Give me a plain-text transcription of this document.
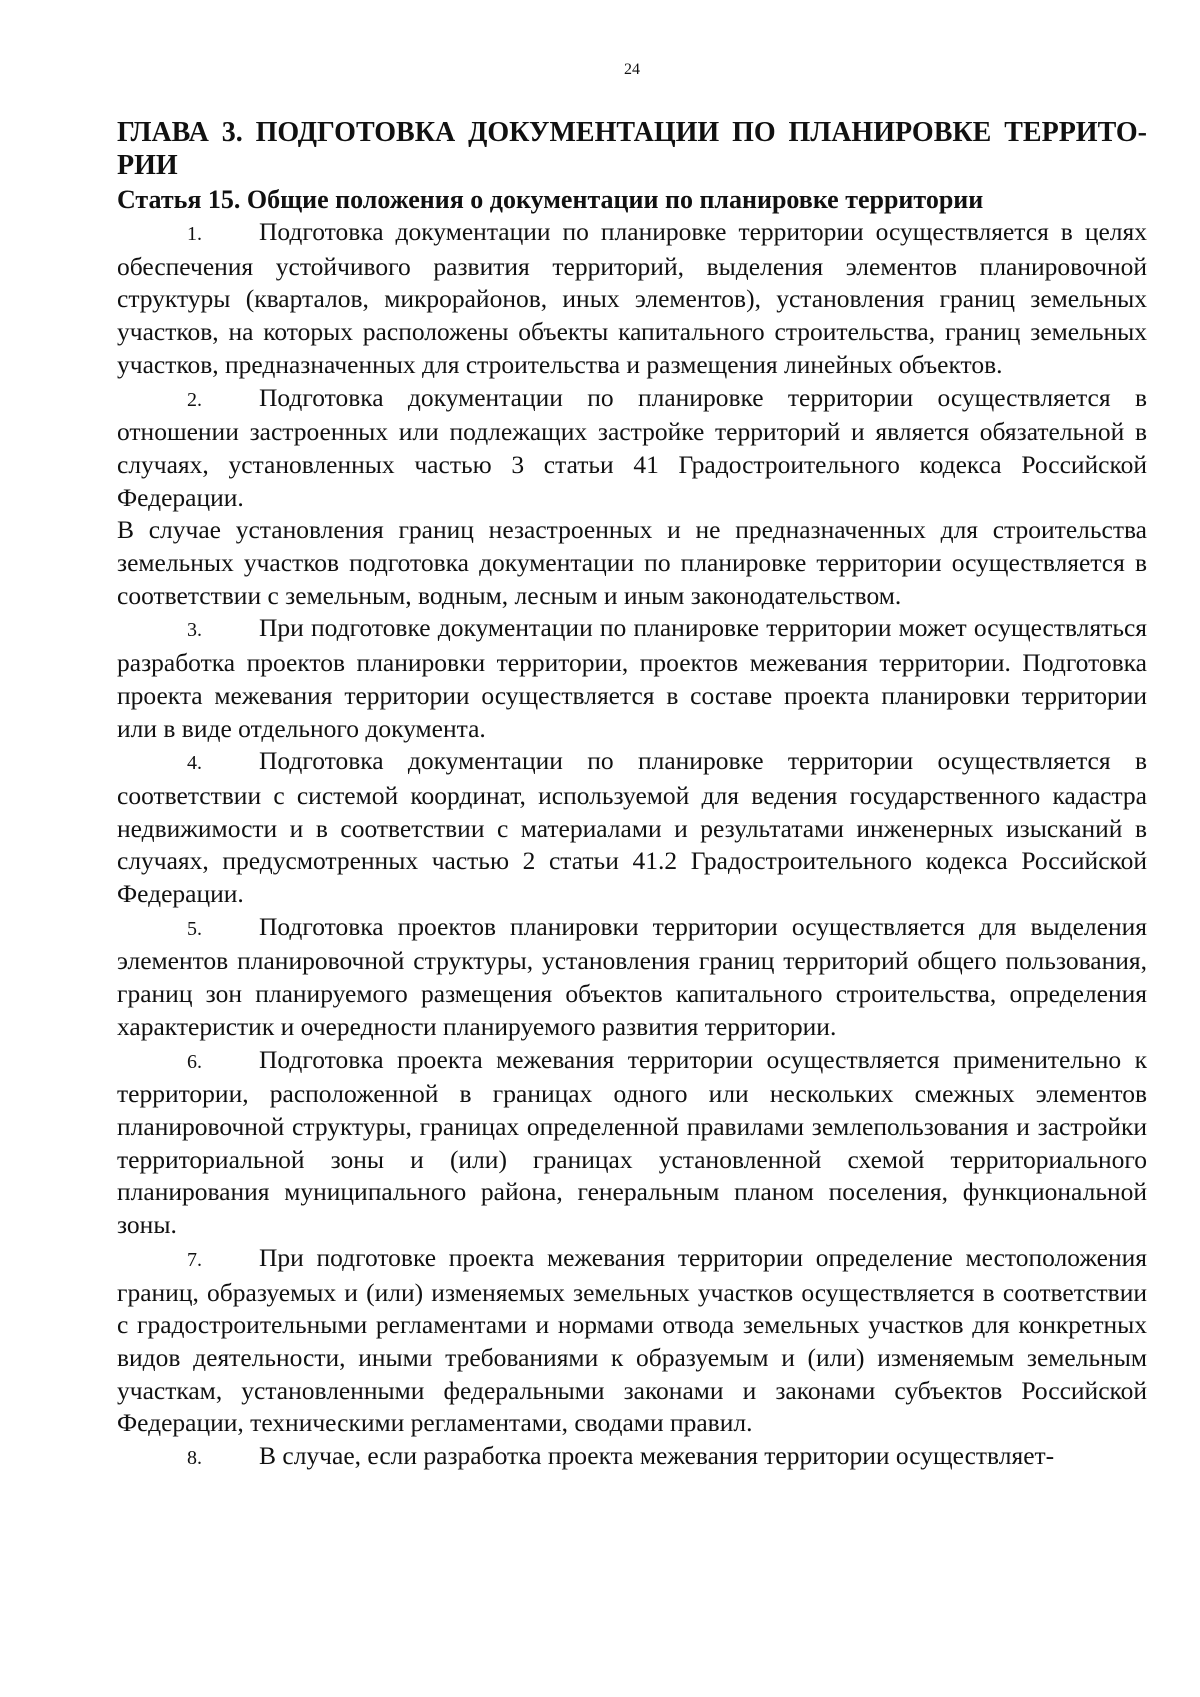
24
ГЛАВА 3. ПОДГОТОВКА ДОКУМЕНТАЦИИ ПО ПЛАНИРОВКЕ ТЕРРИТО-РИИ
Статья 15. Общие положения о документации по планировке территории

1. Подготовка документации по планировке территории осуществляется в целях обеспечения устойчивого развития территорий, выделения элементов планировочной структуры (кварталов, микрорайонов, иных элементов), установления границ земельных участков, на которых расположены объекты капитального строительства, границ земельных участков, предназначенных для строительства и размещения линейных объектов.

2. Подготовка документации по планировке территории осуществляется в отношении застроенных или подлежащих застройке территорий и является обязательной в случаях, установленных частью 3 статьи 41 Градостроительного кодекса Российской Федерации.

В случае установления границ незастроенных и не предназначенных для строительства земельных участков подготовка документации по планировке территории осуществляется в соответствии с земельным, водным, лесным и иным законодательством.

3. При подготовке документации по планировке территории может осуществляться разработка проектов планировки территории, проектов межевания территории. Подготовка проекта межевания территории осуществляется в составе проекта планировки территории или в виде отдельного документа.

4. Подготовка документации по планировке территории осуществляется в соответствии с системой координат, используемой для ведения государственного кадастра недвижимости и в соответствии с материалами и результатами инженерных изысканий в случаях, предусмотренных частью 2 статьи 41.2 Градостроительного кодекса Российской Федерации.

5. Подготовка проектов планировки территории осуществляется для выделения элементов планировочной структуры, установления границ территорий общего пользования, границ зон планируемого размещения объектов капитального строительства, определения характеристик и очередности планируемого развития территории.

6. Подготовка проекта межевания территории осуществляется применительно к территории, расположенной в границах одного или нескольких смежных элементов планировочной структуры, границах определенной правилами землепользования и застройки территориальной зоны и (или) границах установленной схемой территориального планирования муниципального района, генеральным планом поселения, функциональной зоны.

7. При подготовке проекта межевания территории определение местоположения границ, образуемых и (или) изменяемых земельных участков осуществляется в соответствии с градостроительными регламентами и нормами отвода земельных участков для конкретных видов деятельности, иными требованиями к образуемым и (или) изменяемым земельным участкам, установленными федеральными законами и законами субъектов Российской Федерации, техническими регламентами, сводами правил.

8. В случае, если разработка проекта межевания территории осуществляет-
